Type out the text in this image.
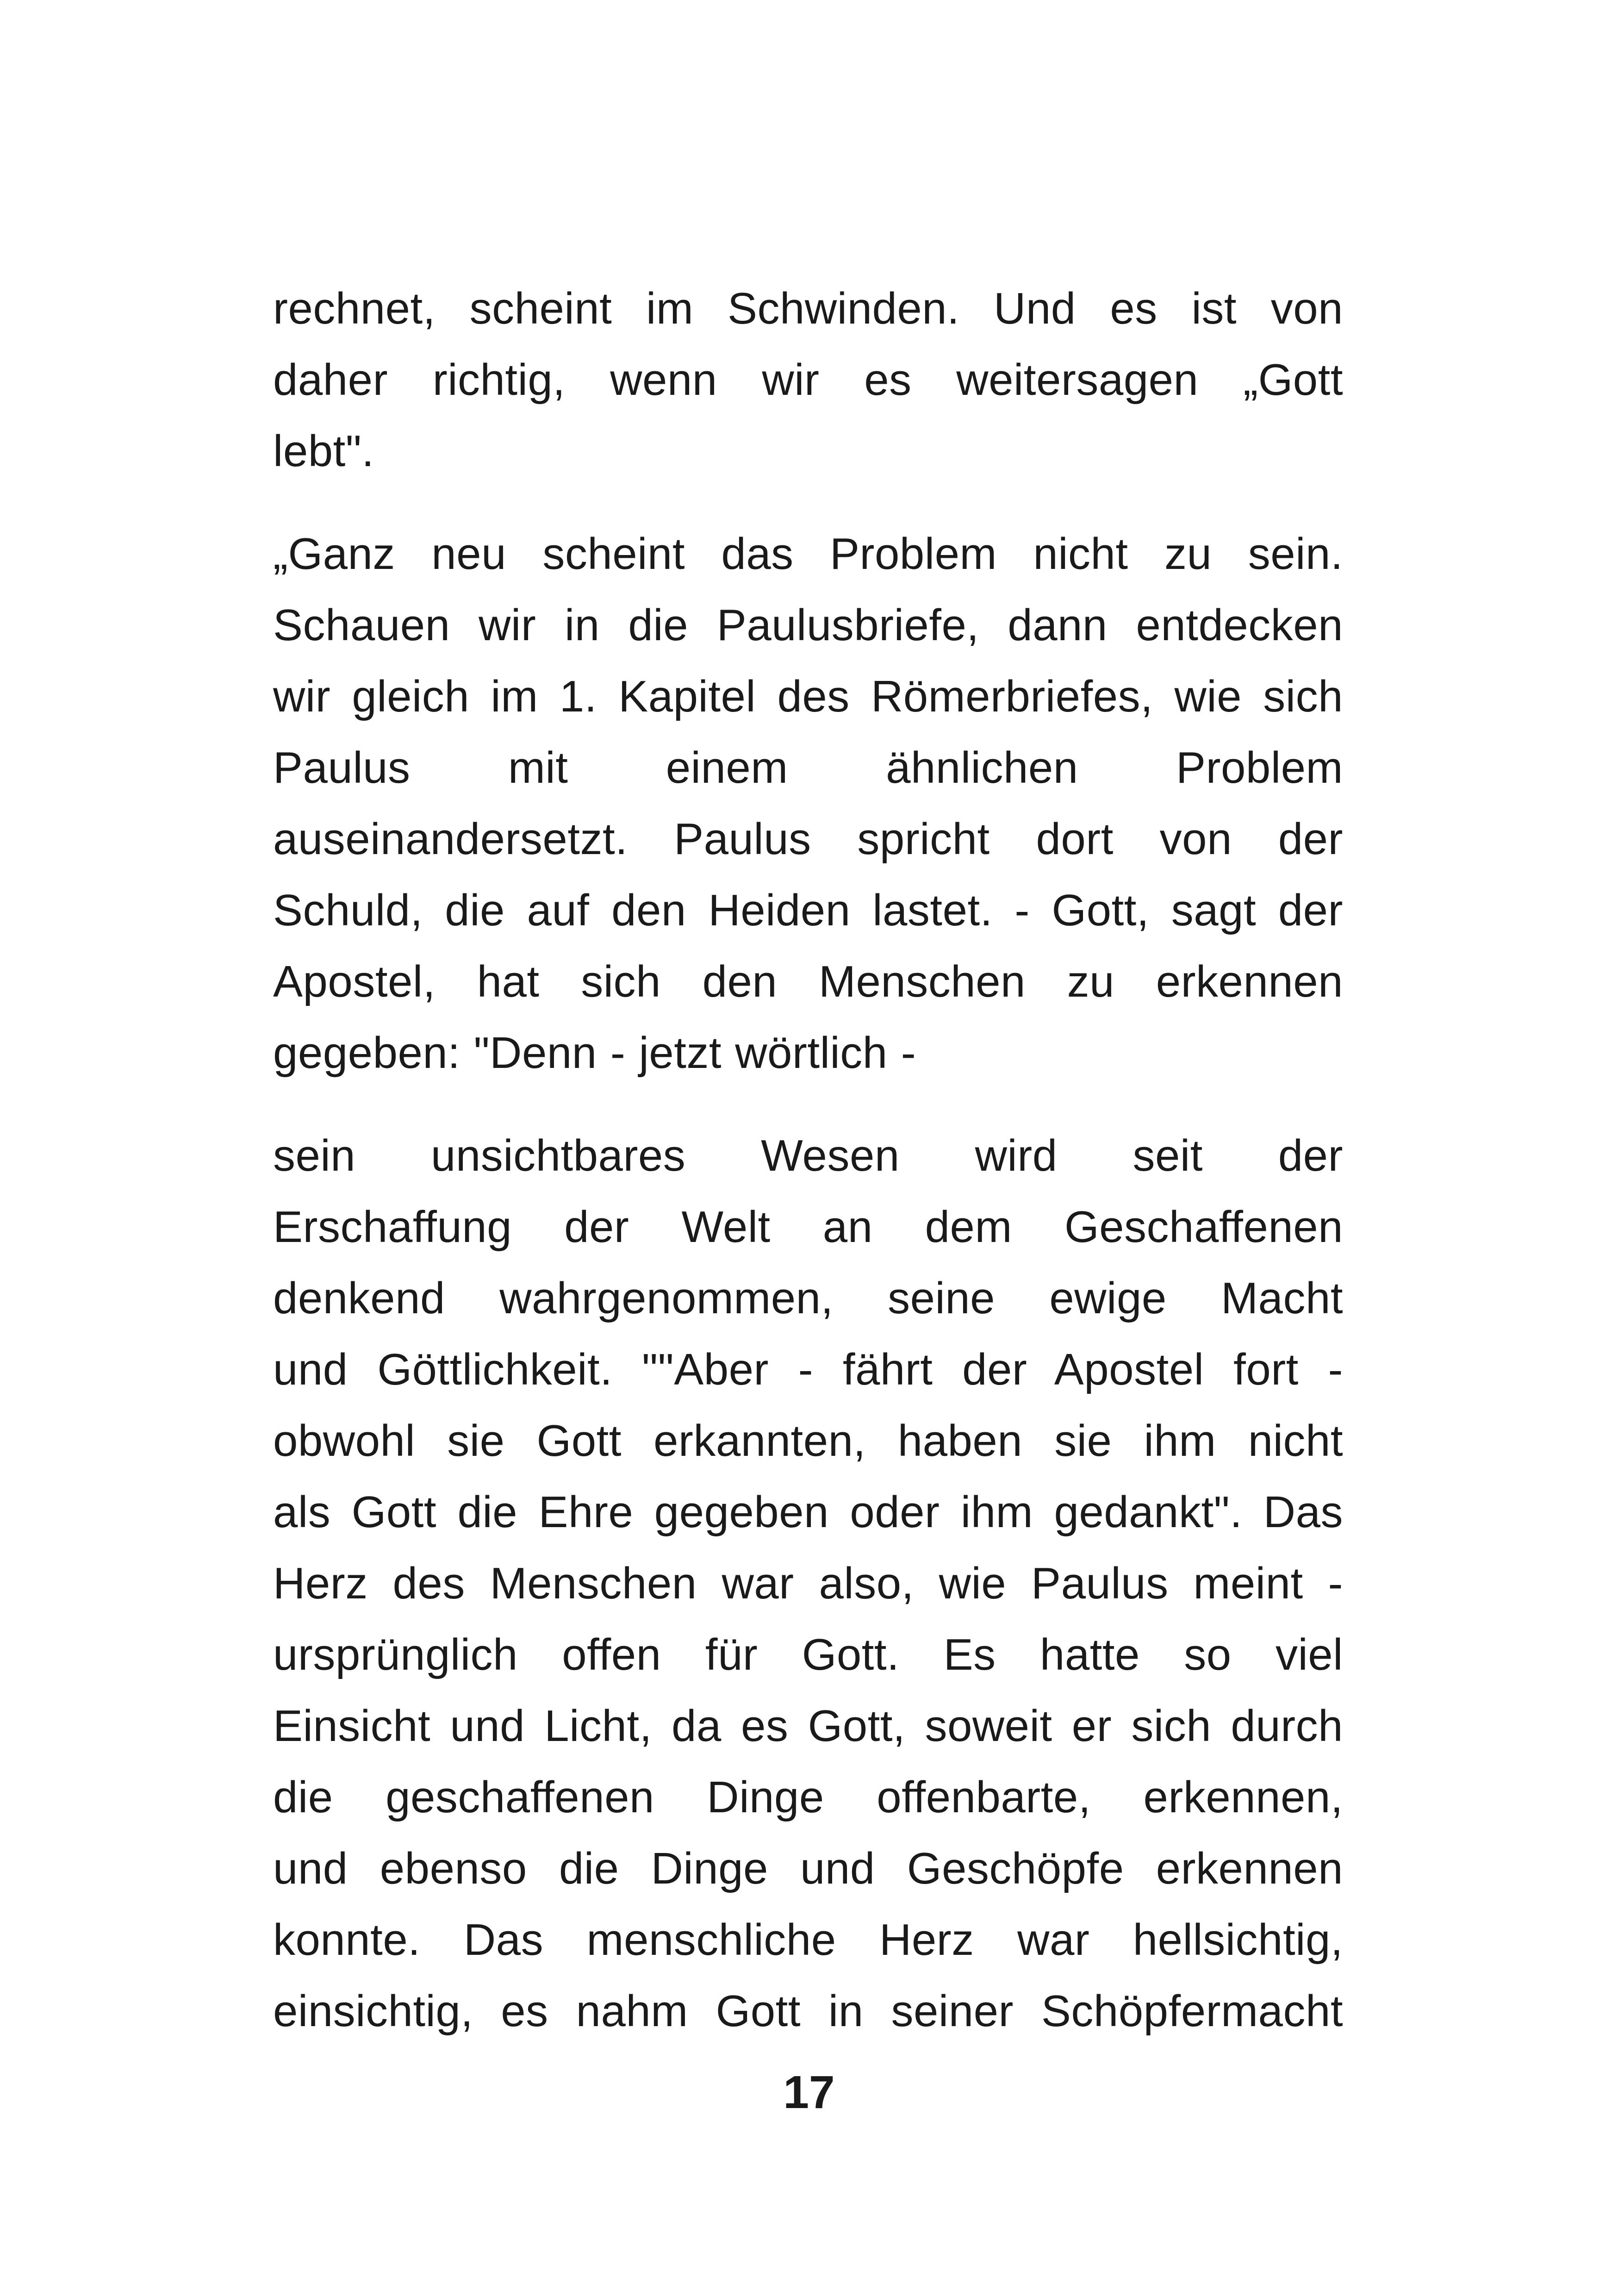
rechnet, scheint im Schwinden. Und es ist von
daher richtig, wenn wir es weitersagen „Gott
lebt".

„Ganz neu scheint das Problem nicht zu sein.
Schauen wir in die Paulusbriefe, dann entdecken
wir gleich im 1. Kapitel des Römerbriefes, wie sich
Paulus mit einem ähnlichen Problem
auseinandersetzt. Paulus spricht dort von der
Schuld, die auf den Heiden lastet. - Gott, sagt der
Apostel, hat sich den Menschen zu erkennen
gegeben: "Denn - jetzt wörtlich -

sein unsichtbares Wesen wird seit der
Erschaffung der Welt an dem Geschaffenen
denkend wahrgenommen, seine ewige Macht
und Göttlichkeit. ""Aber - fährt der Apostel fort -
obwohl sie Gott erkannten, haben sie ihm nicht
als Gott die Ehre gegeben oder ihm gedankt". Das
Herz des Menschen war also, wie Paulus meint -
ursprünglich offen für Gott. Es hatte so viel
Einsicht und Licht, da es Gott, soweit er sich durch
die geschaffenen Dinge offenbarte, erkennen,
und ebenso die Dinge und Geschöpfe erkennen
konnte. Das menschliche Herz war hellsichtig,
einsichtig, es nahm Gott in seiner Schöpfermacht

17
